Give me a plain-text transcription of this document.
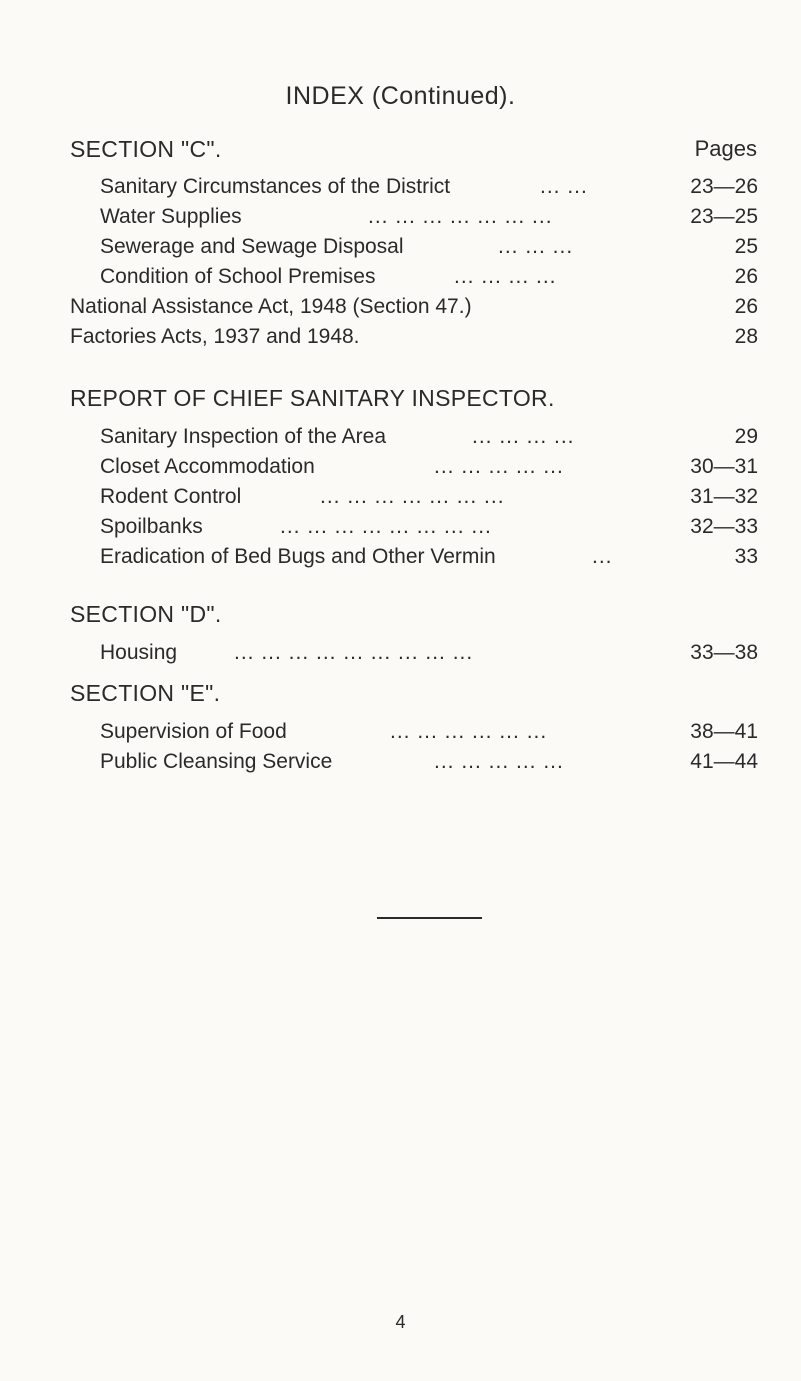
INDEX (Continued).
SECTION "C".	Pages
Sanitary Circumstances of the District	... ...	23—26
Water Supplies	... ... ... ... ... ... ...	23—25
Sewerage and Sewage Disposal	... ... ...	25
Condition of School Premises	... ... ... ...	26
National Assistance Act, 1948 (Section 47.)	26
Factories Acts, 1937 and 1948.	28
REPORT OF CHIEF SANITARY INSPECTOR.
Sanitary Inspection of the Area	... ... ... ...	29
Closet Accommodation	... ... ... ... ...	30—31
Rodent Control	... ... ... ... ... ... ...	31—32
Spoilbanks	... ... ... ... ... ... ... ...	32—33
Eradication of Bed Bugs and Other Vermin	...	33
SECTION "D".
Housing	... ... ... ... ... ... ... ... ...	33—38
SECTION "E".
Supervision of Food	... ... ... ... ... ...	38—41
Public Cleansing Service	... ... ... ... ...	41—44
4
